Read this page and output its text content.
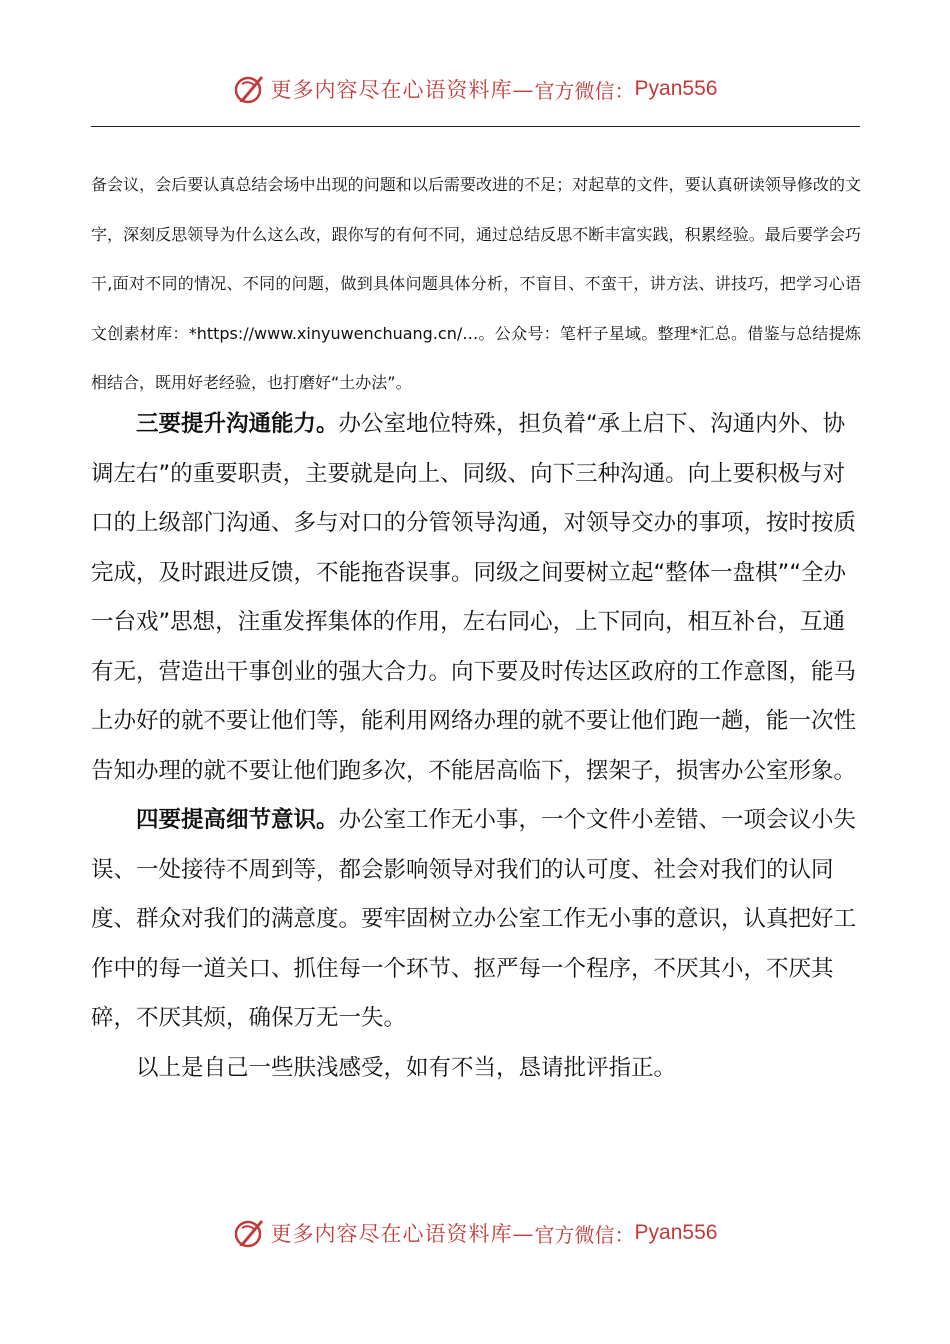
更多内容尽在心语资料库— 官方微信： Pyan556

备会议，会后要认真总结会场中出现的问题和以后需要改进的不足；对起草的文件，要认真研读领导修改的文字，深刻反思领导为什么这么改，跟你写的有何不同，通过总结反思不断丰富实践，积累经验。最后要学会巧干,面对不同的情况、不同的问题，做到具体问题具体分析，不盲目、不蛮干，讲方法、讲技巧，把学习心语文创素材库：*https://www.xinyuwenchuang.cn/…。公众号：笔杆子星域。整理*汇总。借鉴与总结提炼相结合，既用好老经验，也打磨好“土办法”。

三要提升沟通能力。办公室地位特殊，担负着“承上启下、沟通内外、协调左右”的重要职责，主要就是向上、同级、向下三种沟通。向上要积极与对口的上级部门沟通、多与对口的分管领导沟通，对领导交办的事项，按时按质完成，及时跟进反馈，不能拖沓误事。同级之间要树立起“整体一盘棋”“全办一台戏”思想，注重发挥集体的作用，左右同心，上下同向，相互补台，互通有无，营造出干事创业的强大合力。向下要及时传达区政府的工作意图，能马上办好的就不要让他们等，能利用网络办理的就不要让他们跑一趟，能一次性告知办理的就不要让他们跑多次，不能居高临下，摆架子，损害办公室形象。

四要提高细节意识。办公室工作无小事，一个文件小差错、一项会议小失误、一处接待不周到等，都会影响领导对我们的认可度、社会对我们的认同度、群众对我们的满意度。要牢固树立办公室工作无小事的意识，认真把好工作中的每一道关口、抓住每一个环节、抠严每一个程序，不厌其小，不厌其碎，不厌其烦，确保万无一失。

以上是自己一些肤浅感受，如有不当，恳请批评指正。

更多内容尽在心语资料库— 官方微信： Pyan556
